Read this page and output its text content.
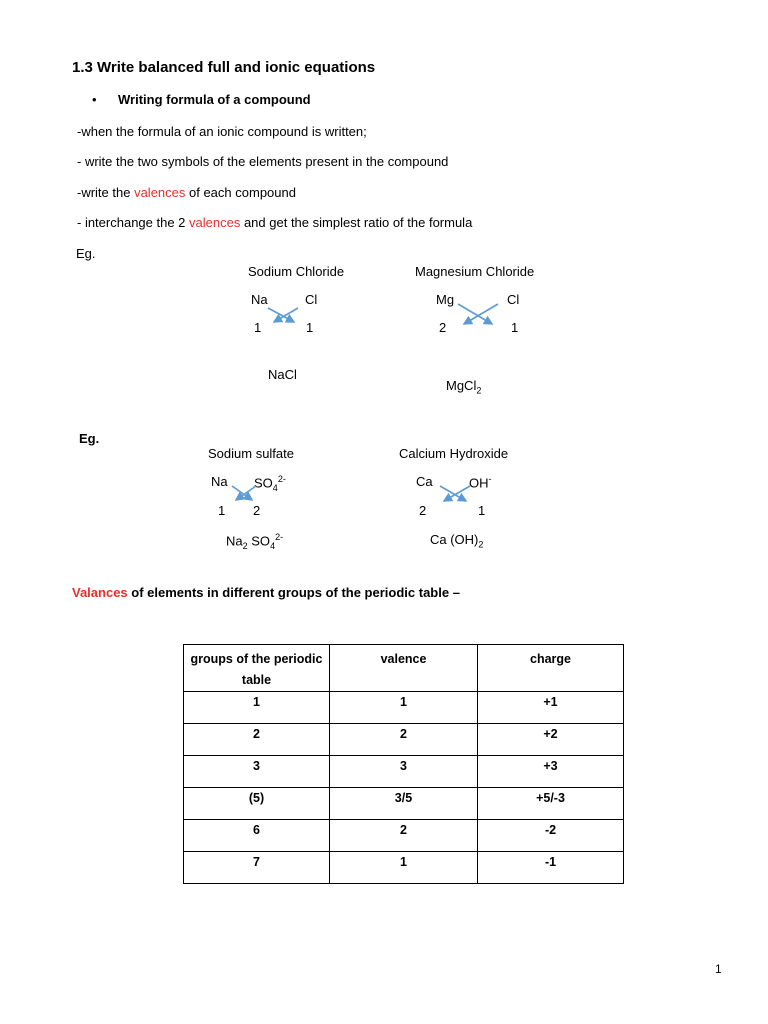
1.3 Write balanced full and ionic equations
• Writing formula of a compound
-when the formula of an ionic compound is written;
- write the two symbols of the elements present in the compound
-write the valences of each compound
- interchange the 2 valences and get the simplest ratio of the formula
Eg.
Sodium Chloride
Na	Cl
1	1
NaCl
Magnesium Chloride
Mg	Cl
2	1
MgCl$_2$
Eg.
Sodium sulfate
Na $SO_4^{2-}$
1 2
$Na_2$ $SO_4^{2-}$
Calcium Hydroxide
Ca	OH-
2	1
Ca $(OH)_2$
Valances of elements in different groups of the periodic table –
groups of the periodic table	valence	charge
1	1	+1
2	2	+2
3	3	+3
(5)	3/5	+5/-3
6	2	-2
7	1	-1
1
